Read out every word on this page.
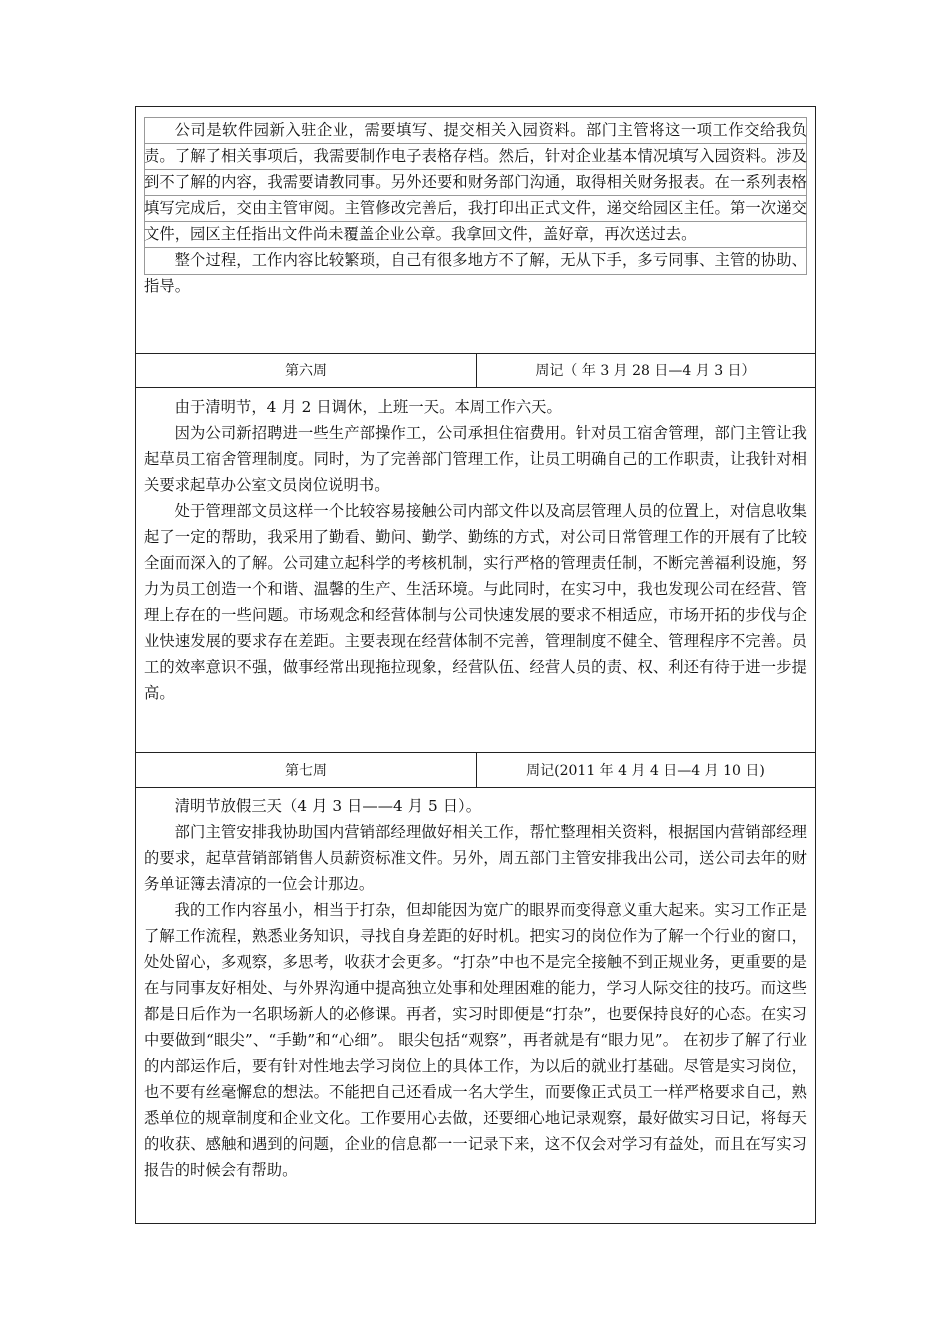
公司是软件园新入驻企业，需要填写、提交相关入园资料。部门主管将这一项工作交给我负责。了解了相关事项后，我需要制作电子表格存档。然后，针对企业基本情况填写入园资料。涉及到不了解的内容，我需要请教同事。另外还要和财务部门沟通，取得相关财务报表。在一系列表格填写完成后，交由主管审阅。主管修改完善后，我打印出正式文件，递交给园区主任。第一次递交文件，园区主任指出文件尚未覆盖企业公章。我拿回文件，盖好章，再次送过去。

整个过程，工作内容比较繁琐，自己有很多地方不了解，无从下手，多亏同事、主管的协助、指导。

第六周	周记（ 年 3 月 28 日—4 月 3 日）

由于清明节，4 月 2 日调休，上班一天。本周工作六天。

因为公司新招聘进一些生产部操作工，公司承担住宿费用。针对员工宿舍管理，部门主管让我起草员工宿舍管理制度。同时，为了完善部门管理工作，让员工明确自己的工作职责，让我针对相关要求起草办公室文员岗位说明书。

处于管理部文员这样一个比较容易接触公司内部文件以及高层管理人员的位置上，对信息收集起了一定的帮助，我采用了勤看、勤问、勤学、勤练的方式，对公司日常管理工作的开展有了比较全面而深入的了解。公司建立起科学的考核机制，实行严格的管理责任制，不断完善福利设施，努力为员工创造一个和谐、温馨的生产、生活环境。与此同时，在实习中，我也发现公司在经营、管理上存在的一些问题。市场观念和经营体制与公司快速发展的要求不相适应，市场开拓的步伐与企业快速发展的要求存在差距。主要表现在经营体制不完善，管理制度不健全、管理程序不完善。员工的效率意识不强，做事经常出现拖拉现象，经营队伍、经营人员的责、权、利还有待于进一步提高。

第七周	周记(2011 年 4 月 4 日—4 月 10 日)

清明节放假三天（4 月 3 日——4 月 5 日）。

部门主管安排我协助国内营销部经理做好相关工作，帮忙整理相关资料，根据国内营销部经理的要求，起草营销部销售人员薪资标准文件。另外，周五部门主管安排我出公司，送公司去年的财务单证簿去清凉的一位会计那边。

我的工作内容虽小，相当于打杂，但却能因为宽广的眼界而变得意义重大起来。实习工作正是了解工作流程，熟悉业务知识，寻找自身差距的好时机。把实习的岗位作为了解一个行业的窗口，处处留心，多观察，多思考，收获才会更多。“打杂”中也不是完全接触不到正规业务，更重要的是在与同事友好相处、与外界沟通中提高独立处事和处理困难的能力，学习人际交往的技巧。而这些都是日后作为一名职场新人的必修课。再者，实习时即便是“打杂”，也要保持良好的心态。在实习中要做到“眼尖”、“手勤”和“心细”。 眼尖包括“观察”，再者就是有“眼力见”。 在初步了解了行业的内部运作后，要有针对性地去学习岗位上的具体工作，为以后的就业打基础。尽管是实习岗位，也不要有丝毫懈怠的想法。不能把自己还看成一名大学生，而要像正式员工一样严格要求自己，熟悉单位的规章制度和企业文化。工作要用心去做，还要细心地记录观察，最好做实习日记，将每天的收获、感触和遇到的问题，企业的信息都一一记录下来，这不仅会对学习有益处，而且在写实习报告的时候会有帮助。
